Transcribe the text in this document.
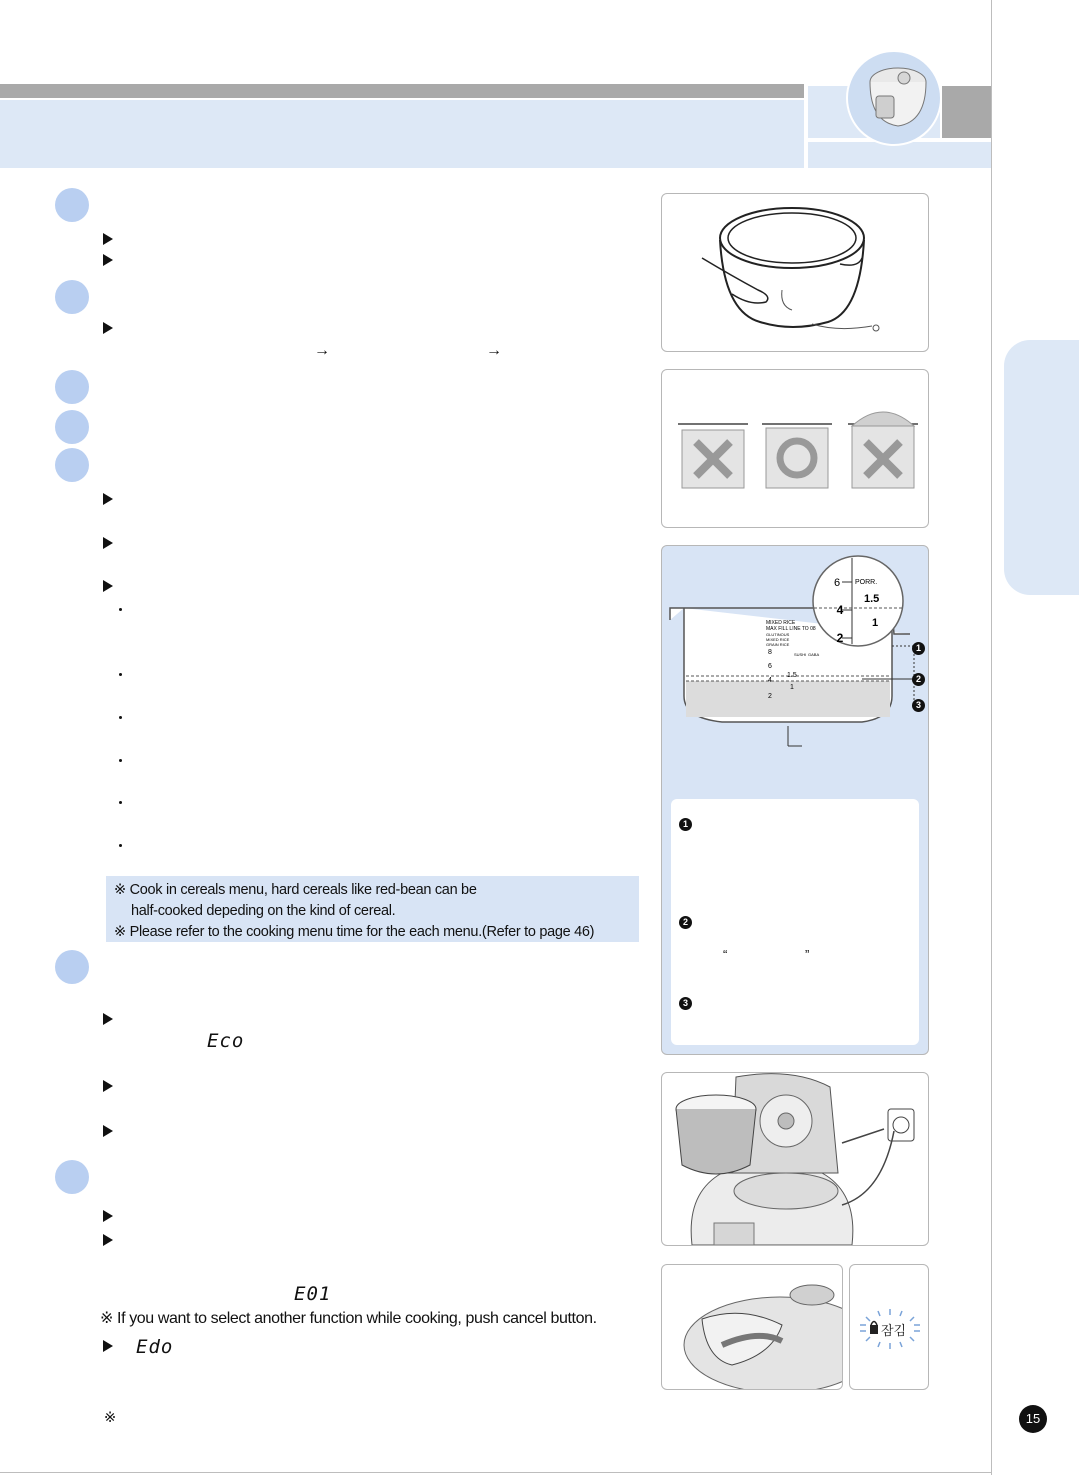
→	→
※ Cook in cereals menu, hard cereals like red-bean can be
half-cooked depeding on the kind of cereal.
※ Please refer to the cooking menu time for the each menu.(Refer to page 46)
Eco
E01
Edo
※ If you want to select another function while cooking, push cancel button.
※
6
4
2
PORR.
1.5
1
MIXED RICE
MAX FILL LINE TO 08
GLUTINOUS
MIXED RICE
GRAIN RICE
SUSHI GABA
8
6
4
2
1.5
1
1
2
3
1
2
“	”
3
잠김
15
